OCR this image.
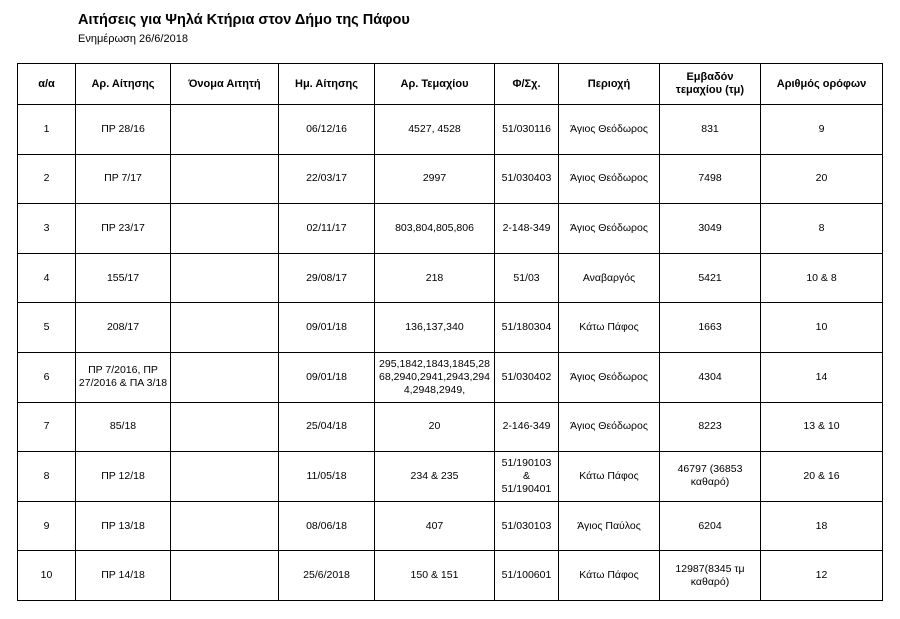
Αιτήσεις για Ψηλά Κτήρια στον Δήμο της Πάφου
Ενημέρωση 26/6/2018
α/α	Αρ. Αίτησης	Όνομα Αιτητή	Ημ. Αίτησης	Αρ. Τεμαχίου	Φ/Σχ.	Περιοχή	Εμβαδόν τεμαχίου (τμ)	Αριθμός ορόφων
1	ΠΡ 28/16		06/12/16	4527, 4528	51/030116	Άγιος Θεόδωρος	831	9
2	ΠΡ 7/17		22/03/17	2997	51/030403	Άγιος Θεόδωρος	7498	20
3	ΠΡ 23/17		02/11/17	803,804,805,806	2-148-349	Άγιος Θεόδωρος	3049	8
4	155/17		29/08/17	218	51/03	Αναβαργός	5421	10 & 8
5	208/17		09/01/18	136,137,340	51/180304	Κάτω Πάφος	1663	10
6	ΠΡ 7/2016, ΠΡ 27/2016 & ΠΑ 3/18		09/01/18	295,1842,1843,1845,2868,2940,2941,2943,2944,2948,2949,	51/030402	Άγιος Θεόδωρος	4304	14
7	85/18		25/04/18	20	2-146-349	Άγιος Θεόδωρος	8223	13 & 10
8	ΠΡ 12/18		11/05/18	234 & 235	51/190103 & 51/190401	Κάτω Πάφος	46797 (36853 καθαρό)	20 & 16
9	ΠΡ 13/18		08/06/18	407	51/030103	Άγιος Παύλος	6204	18
10	ΠΡ 14/18		25/6/2018	150 & 151	51/100601	Κάτω Πάφος	12987(8345 τμ καθαρό)	12
